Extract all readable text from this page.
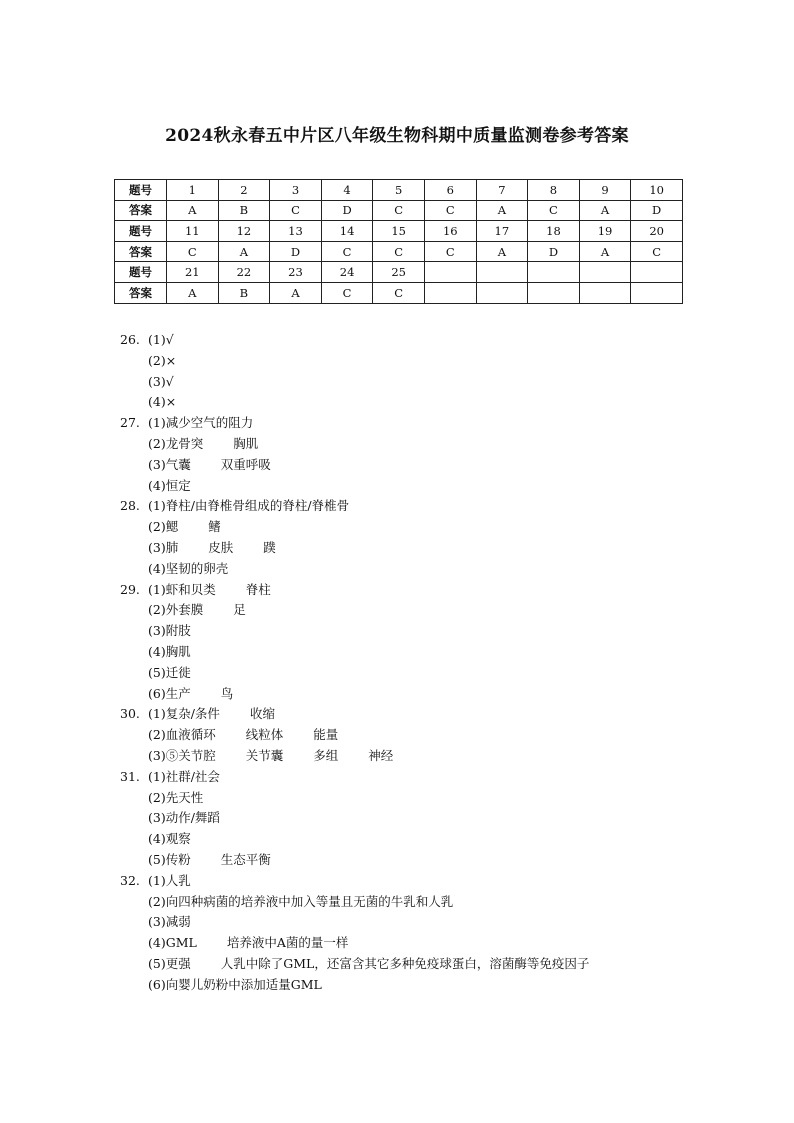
2024秋永春五中片区八年级生物科期中质量监测卷参考答案
题号	1	2	3	4	5	6	7	8	9	10
答案	A	B	C	D	C	C	A	C	A	D
题号	11	12	13	14	15	16	17	18	19	20
答案	C	A	D	C	C	C	A	D	A	C
题号	21	22	23	24	25					
答案	A	B	A	C	C					
26. (1)√
(2)×
(3)√
(4)×
27. (1)减少空气的阻力
(2)龙骨突 胸肌
(3)气囊 双重呼吸
(4)恒定
28. (1)脊柱/由脊椎骨组成的脊柱/脊椎骨
(2)鳃 鳍
(3)肺 皮肤 蹼
(4)坚韧的卵壳
29. (1)虾和贝类 脊柱
(2)外套膜 足
(3)附肢
(4)胸肌
(5)迁徙
(6)生产 鸟
30. (1)复杂/条件 收缩
(2)血液循环 线粒体 能量
(3)⑤关节腔 关节囊 多组 神经
31. (1)社群/社会
(2)先天性
(3)动作/舞蹈
(4)观察
(5)传粉 生态平衡
32. (1)人乳
(2)向四种病菌的培养液中加入等量且无菌的牛乳和人乳
(3)减弱
(4)GML 培养液中A菌的量一样
(5)更强 人乳中除了GML，还富含其它多种免疫球蛋白，溶菌酶等免疫因子
(6)向婴儿奶粉中添加适量GML
